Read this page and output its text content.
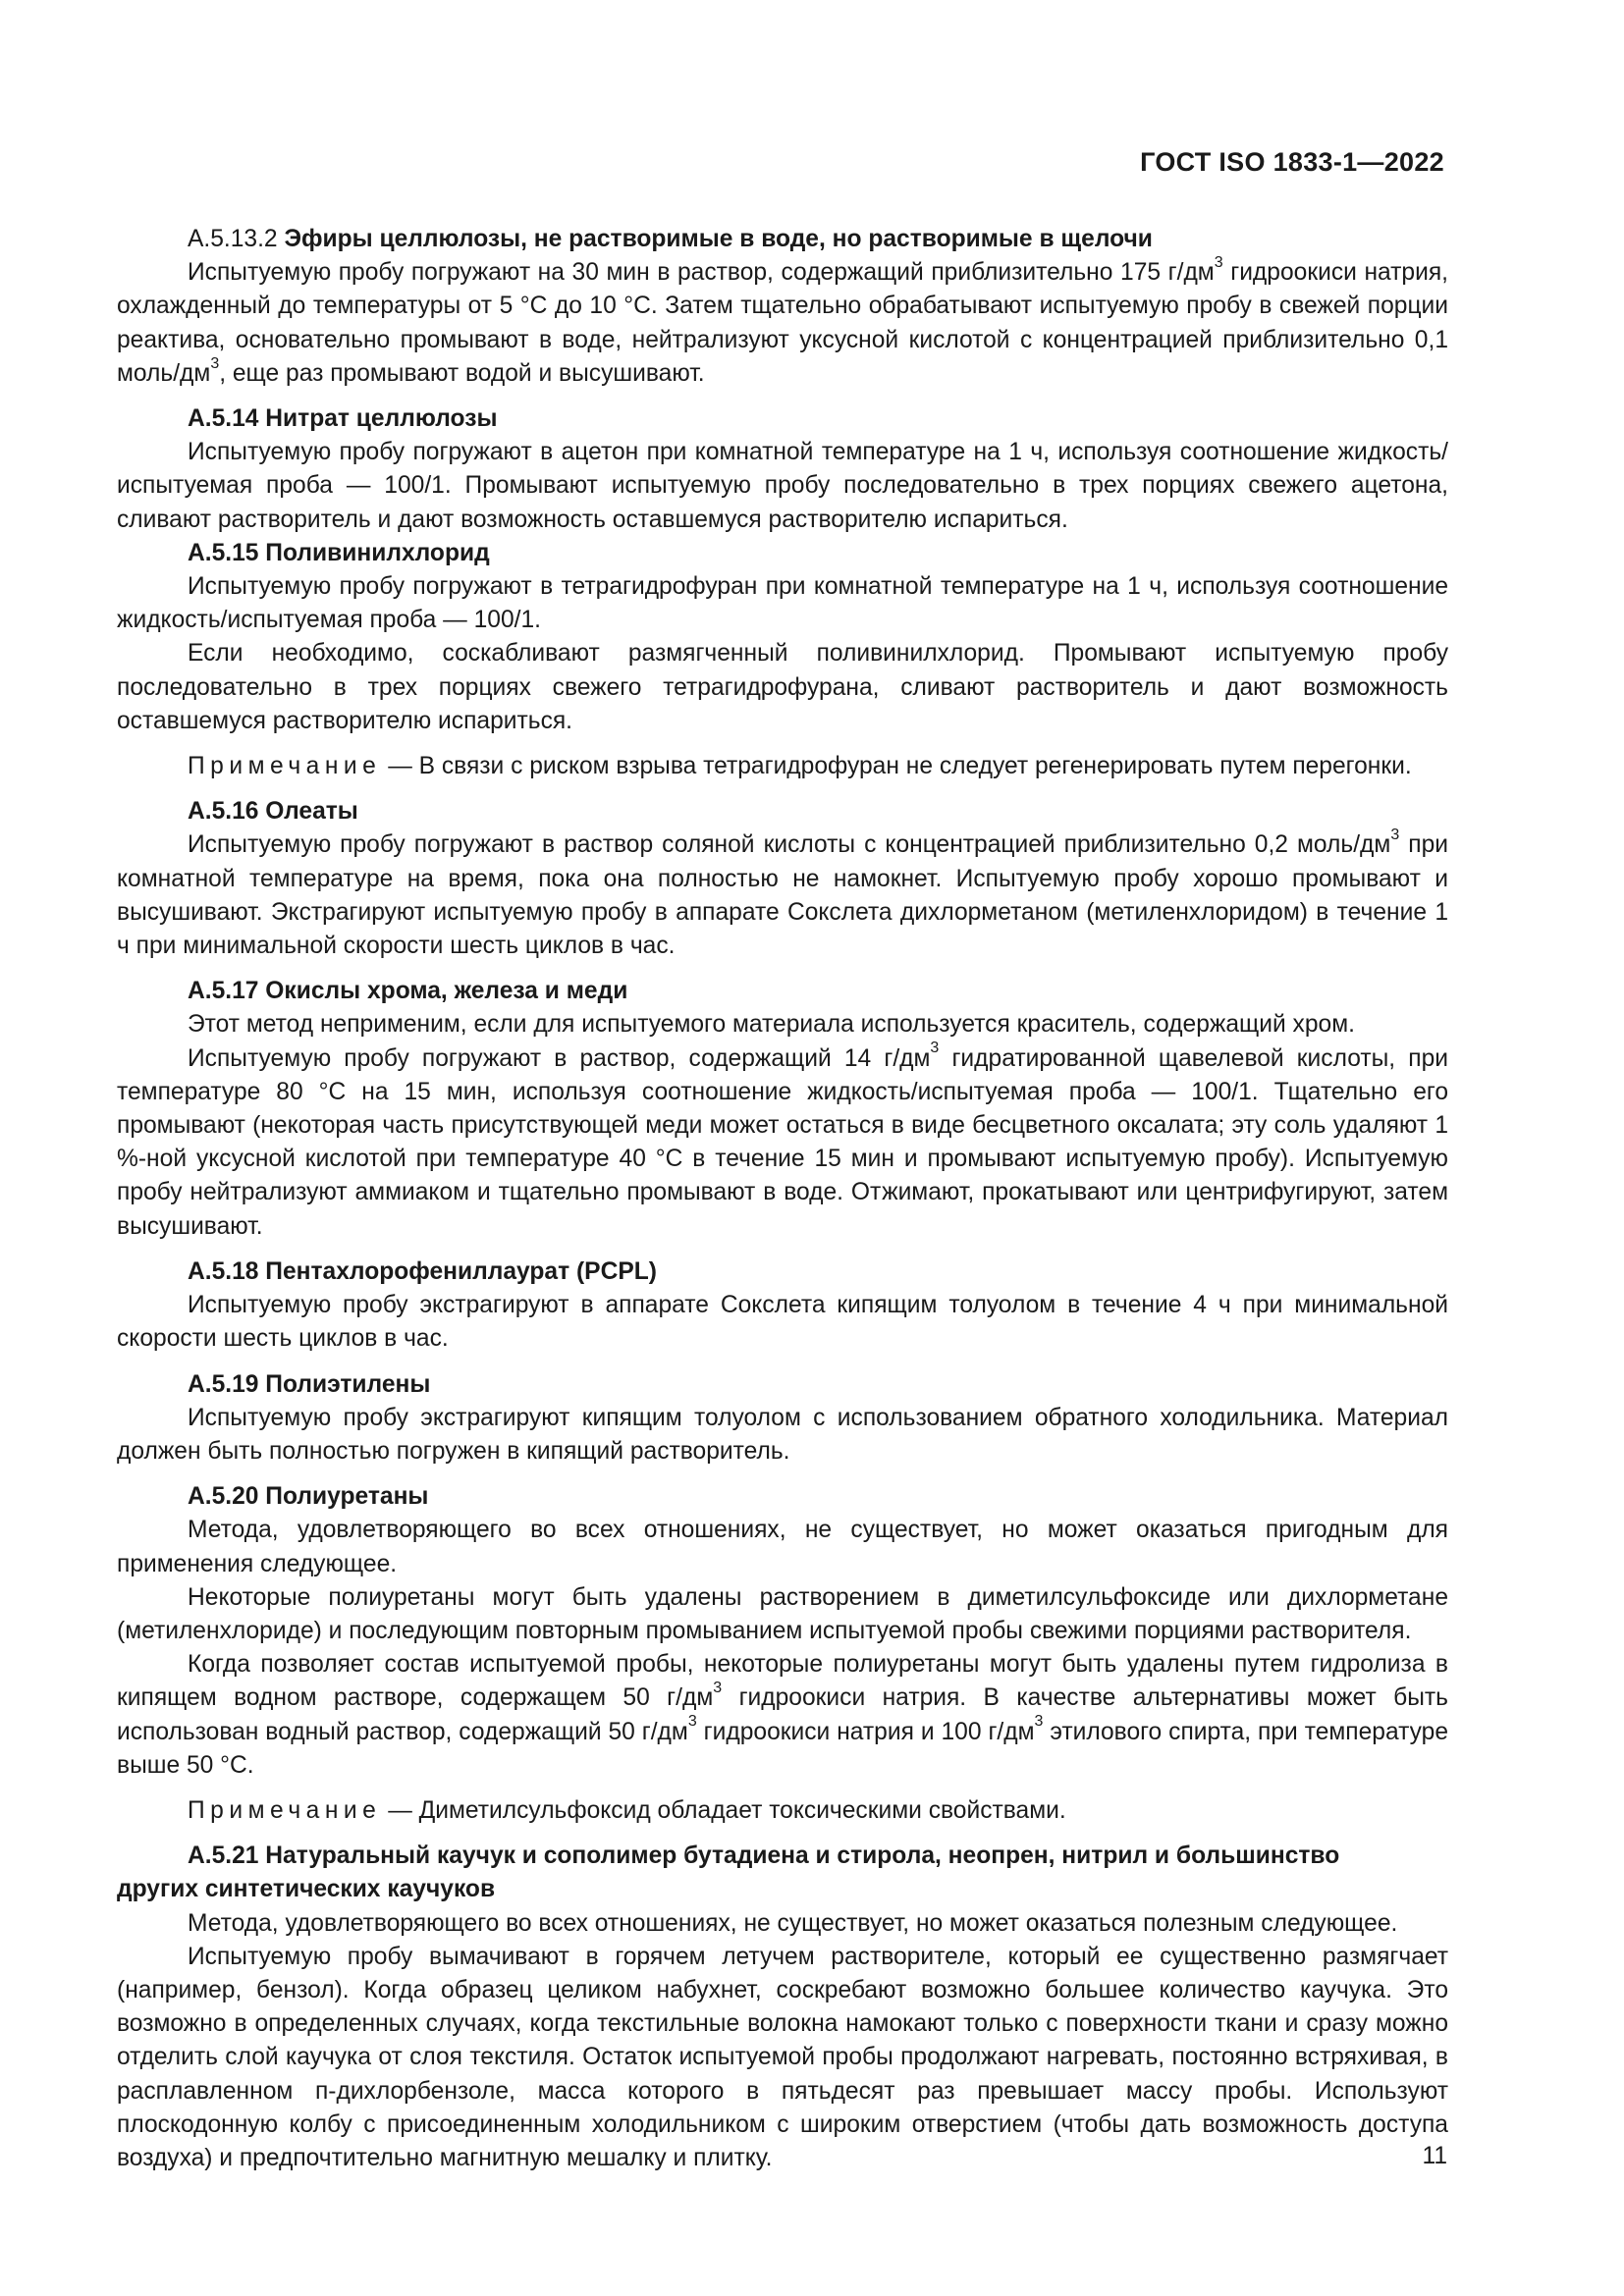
ГОСТ ISO 1833-1—2022

А.5.13.2 Эфиры целлюлозы, не растворимые в воде, но растворимые в щелочи

Испытуемую пробу погружают на 30 мин в раствор, содержащий приблизительно 175 $г/дм^3$ гидроокиси натрия, охлажденный до температуры от 5 °С до 10 °С. Затем тщательно обрабатывают испытуемую пробу в свежей порции реактива, основательно промывают в воде, нейтрализуют уксусной кислотой с концентрацией приблизительно 0,1 моль/$дм^3$, еще раз промывают водой и высушивают.

А.5.14 Нитрат целлюлозы

Испытуемую пробу погружают в ацетон при комнатной температуре на 1 ч, используя соотношение жидкость/испытуемая проба — 100/1. Промывают испытуемую пробу последовательно в трех порциях свежего ацетона, сливают растворитель и дают возможность оставшемуся растворителю испариться.

А.5.15 Поливинилхлорид

Испытуемую пробу погружают в тетрагидрофуран при комнатной температуре на 1 ч, используя соотношение жидкость/испытуемая проба — 100/1.

Если необходимо, соскабливают размягченный поливинилхлорид. Промывают испытуемую пробу последовательно в трех порциях свежего тетрагидрофурана, сливают растворитель и дают возможность оставшемуся растворителю испариться.

Примечание — В связи с риском взрыва тетрагидрофуран не следует регенерировать путем перегонки.

А.5.16 Олеаты

Испытуемую пробу погружают в раствор соляной кислоты с концентрацией приблизительно 0,2 моль/$дм^3$ при комнатной температуре на время, пока она полностью не намокнет. Испытуемую пробу хорошо промывают и высушивают. Экстрагируют испытуемую пробу в аппарате Сокслета дихлорметаном (метиленхлоридом) в течение 1 ч при минимальной скорости шесть циклов в час.

А.5.17 Окислы хрома, железа и меди

Этот метод неприменим, если для испытуемого материала используется краситель, содержащий хром.

Испытуемую пробу погружают в раствор, содержащий 14 $г/дм^3$ гидратированной щавелевой кислоты, при температуре 80 °С на 15 мин, используя соотношение жидкость/испытуемая проба — 100/1. Тщательно его промывают (некоторая часть присутствующей меди может остаться в виде бесцветного оксалата; эту соль удаляют 1 %-ной уксусной кислотой при температуре 40 °С в течение 15 мин и промывают испытуемую пробу). Испытуемую пробу нейтрализуют аммиаком и тщательно промывают в воде. Отжимают, прокатывают или центрифугируют, затем высушивают.

А.5.18 Пентахлорофениллаурат (PCPL)

Испытуемую пробу экстрагируют в аппарате Сокслета кипящим толуолом в течение 4 ч при минимальной скорости шесть циклов в час.

А.5.19 Полиэтилены

Испытуемую пробу экстрагируют кипящим толуолом с использованием обратного холодильника. Материал должен быть полностью погружен в кипящий растворитель.

А.5.20 Полиуретаны

Метода, удовлетворяющего во всех отношениях, не существует, но может оказаться пригодным для применения следующее.

Некоторые полиуретаны могут быть удалены растворением в диметилсульфоксиде или дихлорметане (метиленхлориде) и последующим повторным промыванием испытуемой пробы свежими порциями растворителя.

Когда позволяет состав испытуемой пробы, некоторые полиуретаны могут быть удалены путем гидролиза в кипящем водном растворе, содержащем 50 $г/дм^3$ гидроокиси натрия. В качестве альтернативы может быть использован водный раствор, содержащий 50 $г/дм^3$ гидроокиси натрия и 100 $г/дм^3$ этилового спирта, при температуре выше 50 °С.

Примечание — Диметилсульфоксид обладает токсическими свойствами.

А.5.21 Натуральный каучук и сополимер бутадиена и стирола, неопрен, нитрил и большинство

других синтетических каучуков

Метода, удовлетворяющего во всех отношениях, не существует, но может оказаться полезным следующее.

Испытуемую пробу вымачивают в горячем летучем растворителе, который ее существенно размягчает (например, бензол). Когда образец целиком набухнет, соскребают возможно большее количество каучука. Это возможно в определенных случаях, когда текстильные волокна намокают только с поверхности ткани и сразу можно отделить слой каучука от слоя текстиля. Остаток испытуемой пробы продолжают нагревать, постоянно встряхивая, в расплавленном п-дихлорбензоле, масса которого в пятьдесят раз превышает массу пробы. Используют плоскодонную колбу с присоединенным холодильником с широким отверстием (чтобы дать возможность доступа воздуха) и предпочтительно магнитную мешалку и плитку.	11
